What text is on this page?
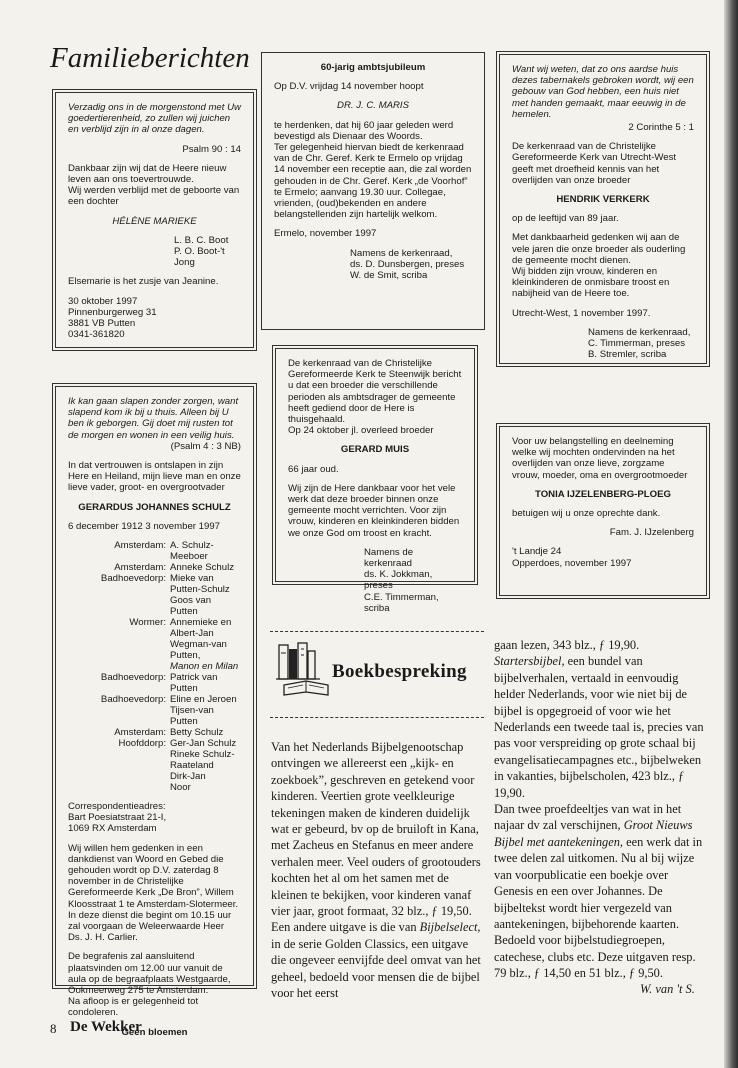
Familieberichten

Verzadig ons in de morgenstond met Uw goedertierenheid, zo zullen wij juichen en verblijd zijn in al onze dagen.

Psalm 90 : 14

Dankbaar zijn wij dat de Heere nieuw leven aan ons toevertrouwde.

Wij werden verblijd met de geboorte van een dochter

HÉLÈNE MARIEKE

L. B. C. Boot

P. O. Boot-'t Jong

Elsemarie is het zusje van Jeanine.

30 oktober 1997
Pinnenburgerweg 31
3881 VB Putten
0341-361820

60-jarig ambtsjubileum

Op D.V. vrijdag 14 november hoopt

DR. J. C. MARIS

te herdenken, dat hij 60 jaar geleden werd bevestigd als Dienaar des Woords.

Ter gelegenheid hiervan biedt de kerkenraad van de Chr. Geref. Kerk te Ermelo op vrijdag 14 november een receptie aan, die zal worden gehouden in de Chr. Geref. Kerk „de Voorhof” te Ermelo; aanvang 19.30 uur. Collegae, vrienden, (oud)bekenden en andere belangstellenden zijn hartelijk welkom.

Ermelo, november 1997

Namens de kerkenraad,
ds. D. Dunsbergen, preses
W. de Smit, scriba

Want wij weten, dat zo ons aardse huis dezes tabernakels gebroken wordt, wij een gebouw van God hebben, een huis niet met handen gemaakt, maar eeuwig in de hemelen.

2 Corinthe 5 : 1

De kerkenraad van de Christelijke Gereformeerde Kerk van Utrecht-West geeft met droefheid kennis van het overlijden van onze broeder

HENDRIK VERKERK

op de leeftijd van 89 jaar.

Met dankbaarheid gedenken wij aan de vele jaren die onze broeder als ouderling de gemeente mocht dienen.

Wij bidden zijn vrouw, kinderen en kleinkinderen de onmisbare troost en nabijheid van de Heere toe.

Utrecht-West, 1 november 1997.

Namens de kerkenraad,
C. Timmerman, preses
B. Stremler, scriba

Ik kan gaan slapen zonder zorgen, want slapend kom ik bij u thuis. Alleen bij U ben ik geborgen. Gij doet mij rusten tot de morgen en wonen in een veilig huis.

(Psalm 4 : 3 NB)

In dat vertrouwen is ontslapen in zijn Here en Heiland, mijn lieve man en onze lieve vader, groot- en overgrootvader

GERARDUS JOHANNES SCHULZ

6 december 1912 3 november 1997

Amsterdam:	A. Schulz-Meeboer
Amsterdam:	Anneke Schulz
Badhoevedorp:	Mieke van Putten-Schulz
	Goos van Putten
Wormer:	Annemieke en Albert-Jan Wegman-van Putten,
	Manon en Milan
Badhoevedorp:	Patrick van Putten
Badhoevedorp:	Eline en Jeroen Tijsen-van Putten
Amsterdam:	Betty Schulz
Hoofddorp:	Ger-Jan Schulz
	Rineke Schulz-Raateland
	Dirk-Jan
	Noor
Correspondentieadres:
Bart Poesiatstraat 21-I,

1069 RX Amsterdam

Wij willen hem gedenken in een dankdienst van Woord en Gebed die gehouden wordt op D.V. zaterdag 8 november in de Christelijke Gereformeerde Kerk „De Bron”, Willem Kloosstraat 1 te Amsterdam-Slotermeer. In deze dienst die begint om 10.15 uur zal voorgaan de Weleerwaarde Heer Ds. J. H. Carlier.

De begrafenis zal aansluitend plaatsvinden om 12.00 uur vanuit de aula op de begraafplaats Westgaarde, Ookmeerweg 275 te Amsterdam.

Na afloop is er gelegenheid tot condoleren.

Geen bloemen

De kerkenraad van de Christelijke Gereformeerde Kerk te Steenwijk bericht u dat een broeder die verschillende perioden als ambtsdrager de gemeente heeft gediend door de Here is thuisgehaald.

Op 24 oktober jl. overleed broeder

GERARD MUIS

66 jaar oud.

Wij zijn de Here dankbaar voor het vele werk dat deze broeder binnen onze gemeente mocht verrichten. Voor zijn vrouw, kinderen en kleinkinderen bidden we onze God om troost en kracht.

Namens de kerkenraad
ds. K. Jokkman, preses
C.E. Timmerman, scriba

Voor uw belangstelling en deelneming welke wij mochten ondervinden na het overlijden van onze lieve, zorgzame vrouw, moeder, oma en overgrootmoeder

TONIA IJZELENBERG-PLOEG

betuigen wij u onze oprechte dank.

Fam. J. IJzelenberg

't Landje 24
Opperdoes, november 1997
Boekbespreking

Van het Nederlands Bijbelgenootschap ontvingen we allereerst een „kijk- en zoekboek”, geschreven en getekend voor kinderen. Veertien grote veelkleurige tekeningen maken de kinderen duidelijk wat er gebeurd, bv op de bruiloft in Kana, met Zacheus en Stefanus en meer andere verhalen meer. Veel ouders of grootouders kochten het al om het samen met de kleinen te bekijken, voor kinderen vanaf vier jaar, groot formaat, 32 blz., ƒ 19,50.

Een andere uitgave is die van Bijbelselect, in de serie Golden Classics, een uitgave die ongeveer eenvijfde deel omvat van het geheel, bedoeld voor mensen die de bijbel voor het eerst

gaan lezen, 343 blz., ƒ 19,90.

Startersbijbel, een bundel van bijbelverhalen, vertaald in eenvoudig helder Nederlands, voor wie niet bij de bijbel is opgegroeid of voor wie het Nederlands een tweede taal is, precies van pas voor verspreiding op grote schaal bij evangelisatiecampagnes etc., bijbelweken in vakanties, bijbelscholen, 423 blz., ƒ 19,90.

Dan twee proefdeeltjes van wat in het najaar dv zal verschijnen, Groot Nieuws Bijbel met aantekeningen, een werk dat in twee delen zal uitkomen. Nu al bij wijze van voorpublicatie een boekje over Genesis en een over Johannes. De bijbeltekst wordt hier vergezeld van aantekeningen, bijbehorende kaarten. Bedoeld voor bijbelstudiegroepen, catechese, clubs etc. Deze uitgaven resp. 79 blz., ƒ 14,50 en 51 blz., ƒ 9,50.

W. van 't S.
8 De Wekker
